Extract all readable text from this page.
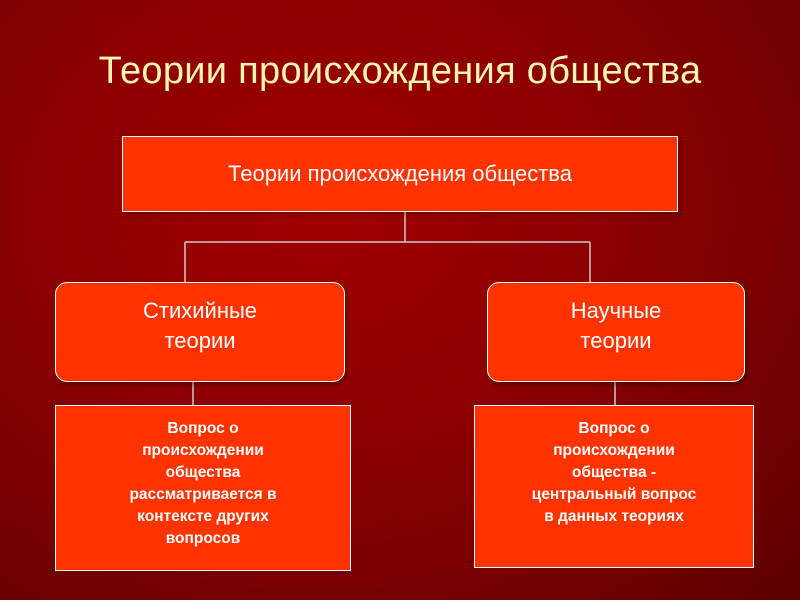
Теории происхождения общества
Теории происхождения общества
Стихийные
теории
Научные
теории
Вопрос о
происхождении
общества
рассматривается в
контексте других
вопросов
Вопрос о
происхождении
общества -
центральный вопрос
в данных теориях
